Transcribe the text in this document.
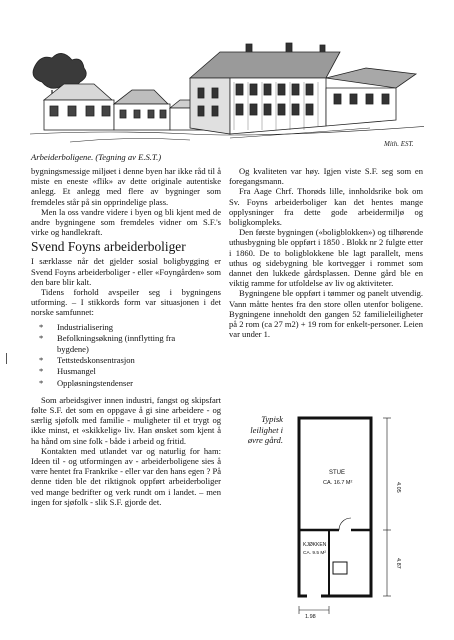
Mith. EST.
Arbeiderboligene. (Tegning av E.S.T.)

bygningsmessige miljøet i denne byen har ikke råd til å miste en eneste «flik» av dette originale autentiske anlegg. Et anlegg med flere av bygninger som fremdeles står på sin opprindelige plass.

Men la oss vandre videre i byen og bli kjent med de andre bygningene som fremdeles vidner om S.F.'s virke og handlekraft.

Svend Foyns arbeiderboliger

I særklasse når det gjelder sosial boligbygging er Svend Foyns arbeiderboliger - eller «Foyngården» som den bare blir kalt.

Tidens forhold avspeiler seg i bygningens utforming. – I stikkords form var situasjonen i det norske samfunnet:

* Industrialisering
* Befolkningsøkning (innflytting fra
bygdene)
* Tettstedskonsentrasjon
* Husmangel
* Oppløsningstendenser

Som arbeidsgiver innen industri, fangst og skipsfart følte S.F. det som en oppgave å gi sine arbeidere - og særlig sjøfolk med familie - muligheter til et trygt og ikke minst, et «skikkelig» liv. Han ønsket som kjent å ha hånd om sine folk - både i arbeid og fritid.

Kontakten med utlandet var og naturlig for ham: Ideen til - og utformingen av - arbeiderboligene sies å være hentet fra Frankrike - eller var den hans egen ? På denne tiden ble det riktignok oppført arbeiderboliger ved mange bedrifter og verk rundt om i landet. – men ingen for sjøfolk - slik S.F. gjorde det.

Og kvaliteten var høy. Igjen viste S.F. seg som en foregangsmann.

Fra Aage Chrf. Thorøds lille, innholdsrike bok om Sv. Foyns arbeiderboliger kan det hentes mange opplysninger fra dette gode arbeidermiljø og boligkompleks.

Den første bygningen («boligblokken») og tilhørende uthusbygning ble oppført i 1850 . Blokk nr 2 fulgte etter i 1860. De to boligblokkene ble lagt parallelt, mens uthus og sidebygning ble kortvegger i rommet som dannet den lukkede gårdsplassen. Denne gård ble en viktig ramme for utfoldelse av liv og aktiviteter.

Bygningene ble oppført i tømmer og panelt utvendig. Vann måtte hentes fra den store ollen utenfor boligene. Bygningene inneholdt den gangen 52 familieleiligheter på 2 rom (ca 27 m2) + 19 rom for enkelt-personer. Leien var under 1.

Typisk leilighet i øvre gård.
STUE
CA. 16.7 M²
KJØKKEN
CA. 9.5 M²
4.05
4.87
1.98
